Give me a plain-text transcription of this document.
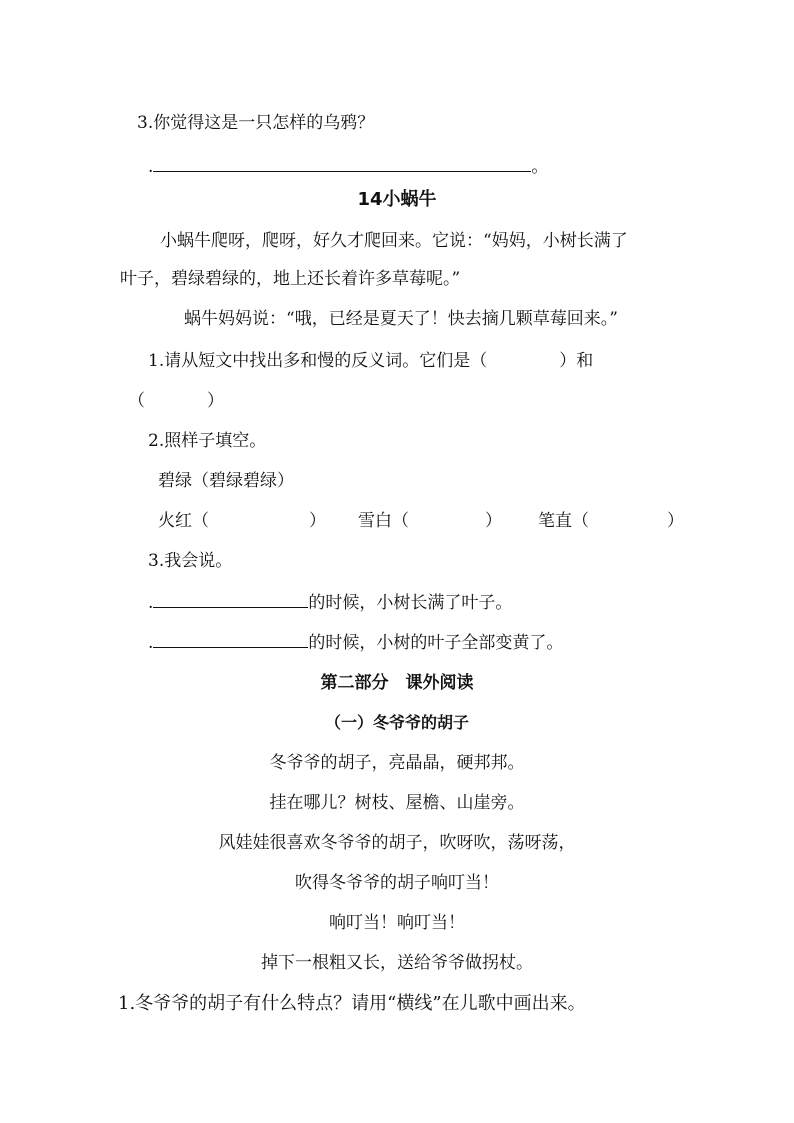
3.你觉得这是一只怎样的乌鸦？
.	。
14小蜗牛
小蜗牛爬呀，爬呀，好久才爬回来。它说：“妈妈，小树长满了
叶子，碧绿碧绿的，地上还长着许多草莓呢。”
蜗牛妈妈说：“哦，已经是夏天了！快去摘几颗草莓回来。”
1.请从短文中找出多和慢的反义词。它们是（	）和
（	）
2.照样子填空。
碧绿（碧绿碧绿）
火红（	） 雪白（	） 笔直（	）
3.我会说。
.	的时候，小树长满了叶子。
.	的时候，小树的叶子全部变黄了。
第二部分　课外阅读
（一）冬爷爷的胡子
冬爷爷的胡子，亮晶晶，硬邦邦。
挂在哪儿？树枝、屋檐、山崖旁。
风娃娃很喜欢冬爷爷的胡子，吹呀吹，荡呀荡，
吹得冬爷爷的胡子响叮当！
响叮当！响叮当！
掉下一根粗又长，送给爷爷做拐杖。
1.冬爷爷的胡子有什么特点？请用“横线”在儿歌中画出来。
